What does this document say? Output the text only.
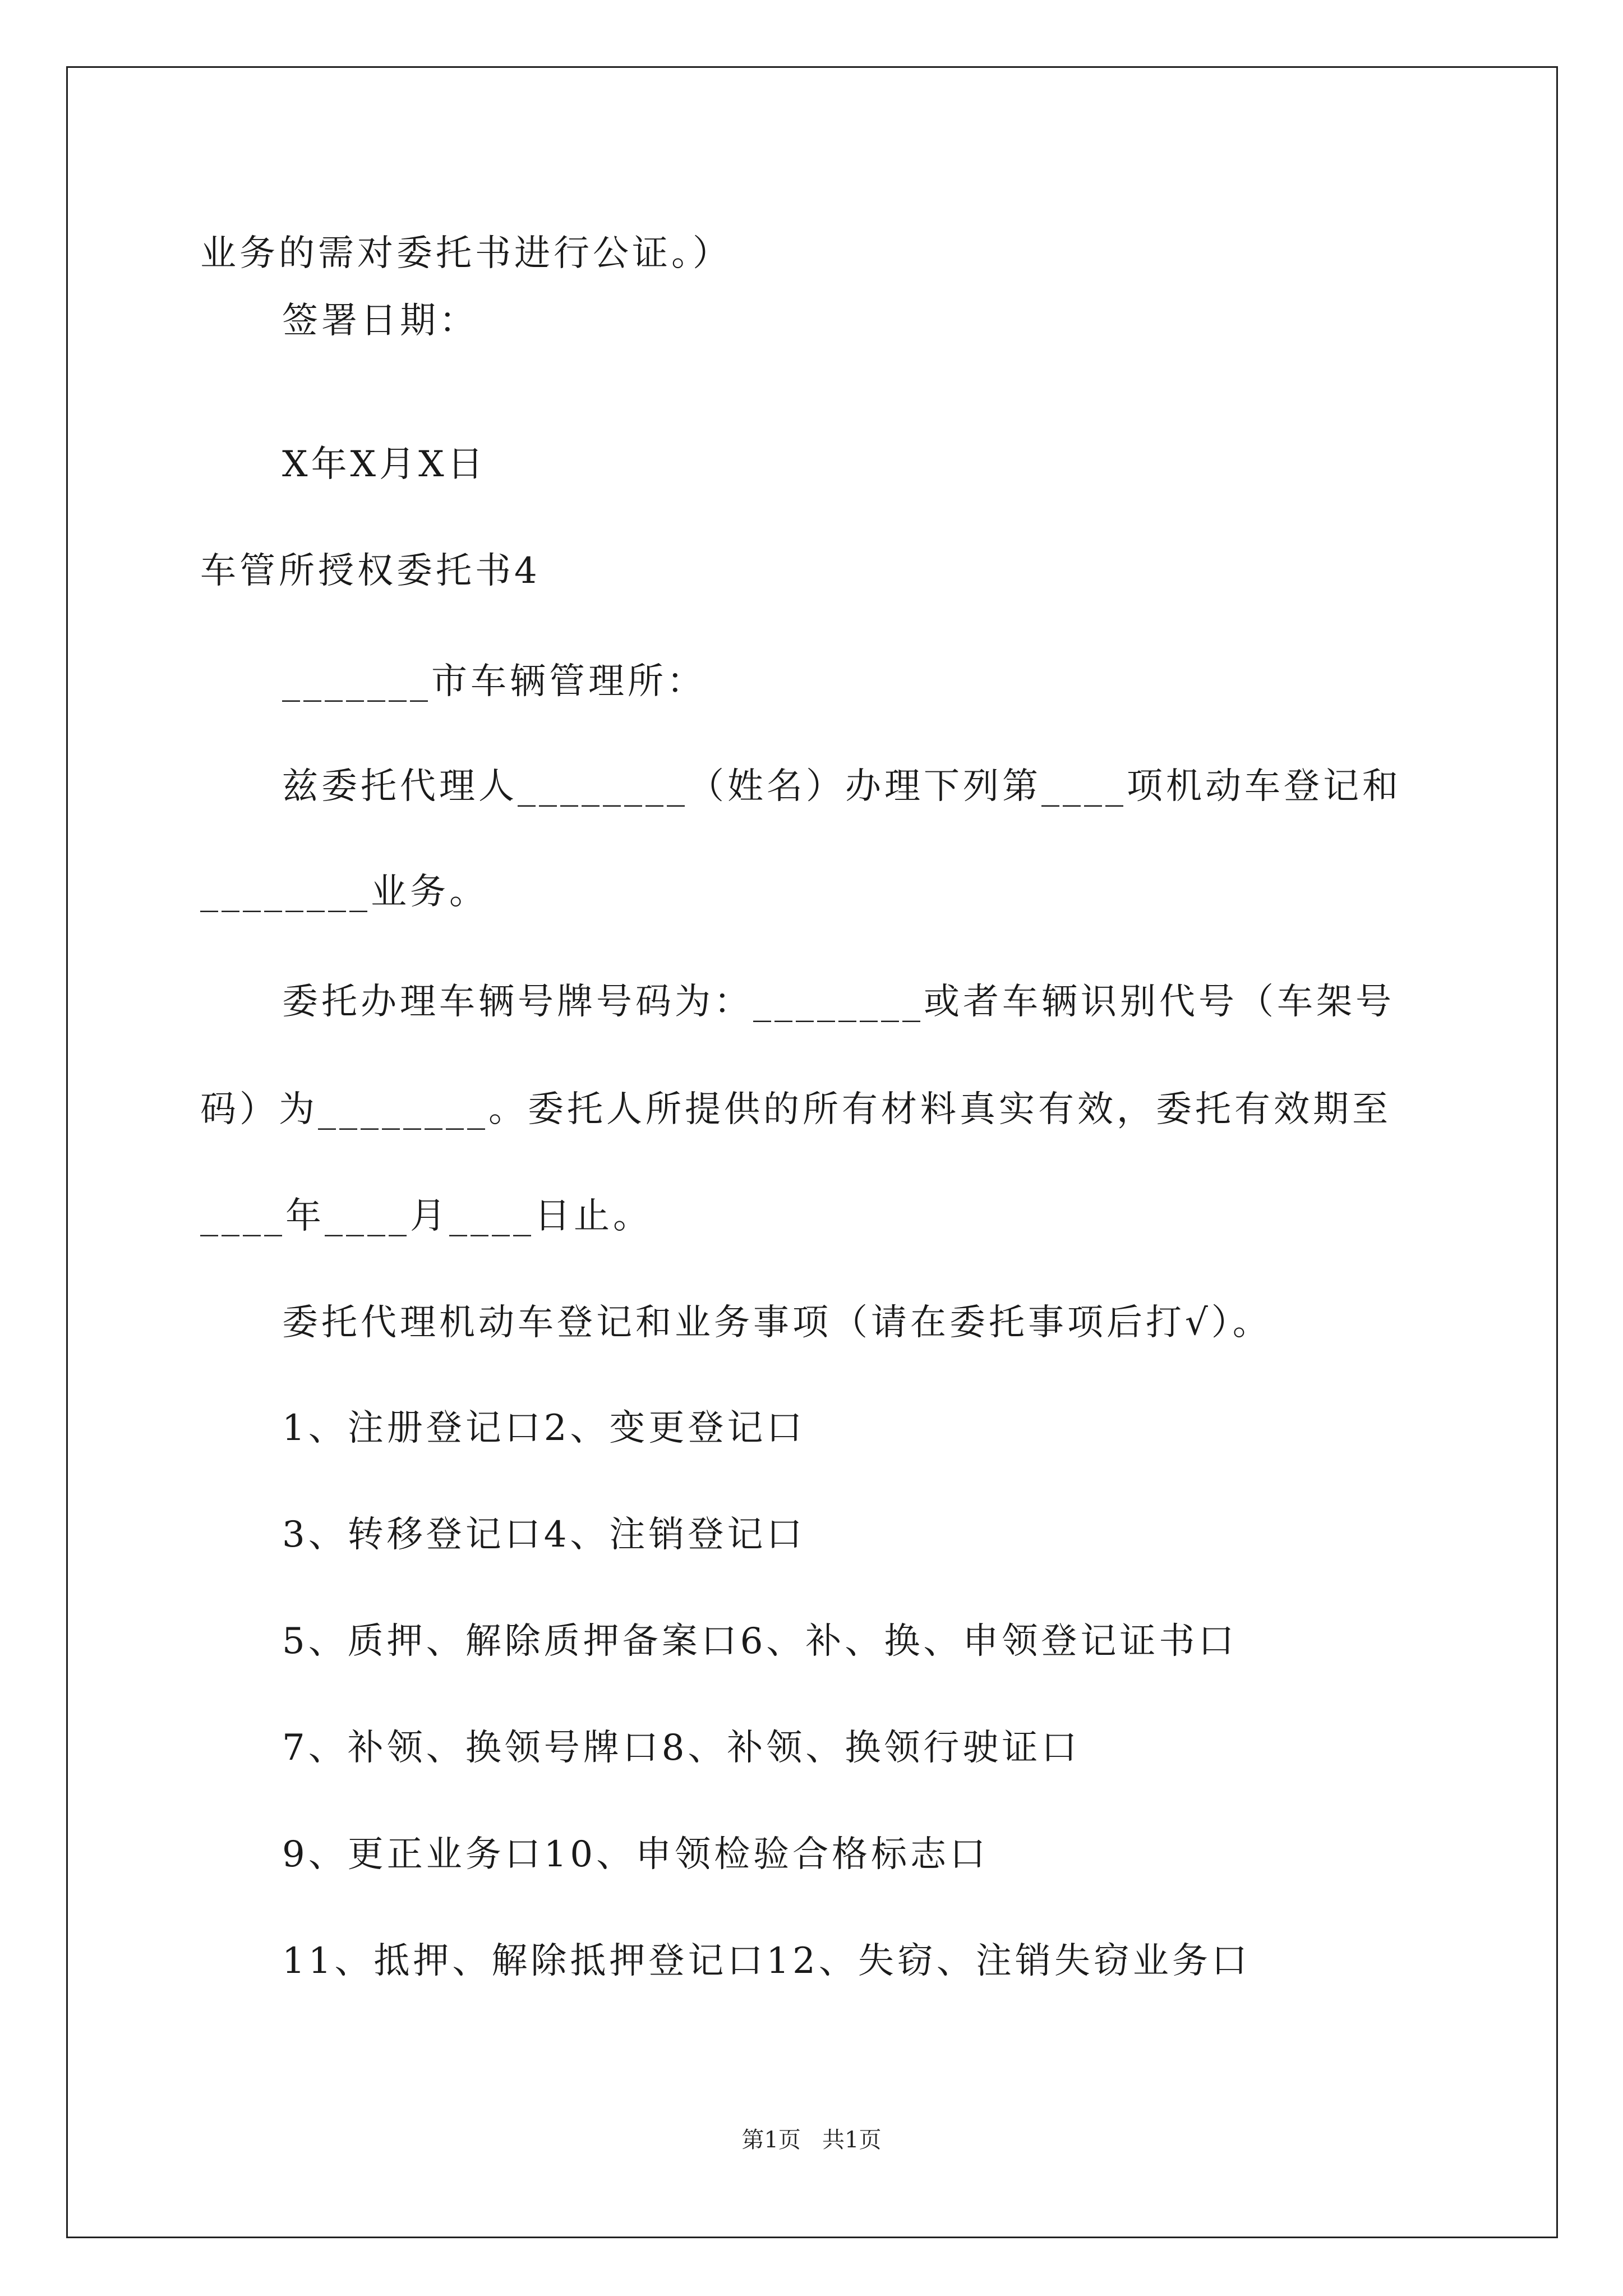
业务的需对委托书进行公证。）
签署日期：
X年X月X日
车管所授权委托书4
_______市车辆管理所：
兹委托代理人________（姓名）办理下列第____项机动车登记和
________业务。
委托办理车辆号牌号码为：________或者车辆识别代号（车架号
码）为________。委托人所提供的所有材料真实有效，委托有效期至
____年____月____日止。
委托代理机动车登记和业务事项（请在委托事项后打√）。
1、注册登记口2、变更登记口
3、转移登记口4、注销登记口
5、质押、解除质押备案口6、补、换、申领登记证书口
7、补领、换领号牌口8、补领、换领行驶证口
9、更正业务口10、申领检验合格标志口
11、抵押、解除抵押登记口12、失窃、注销失窃业务口
第1页   共1页
